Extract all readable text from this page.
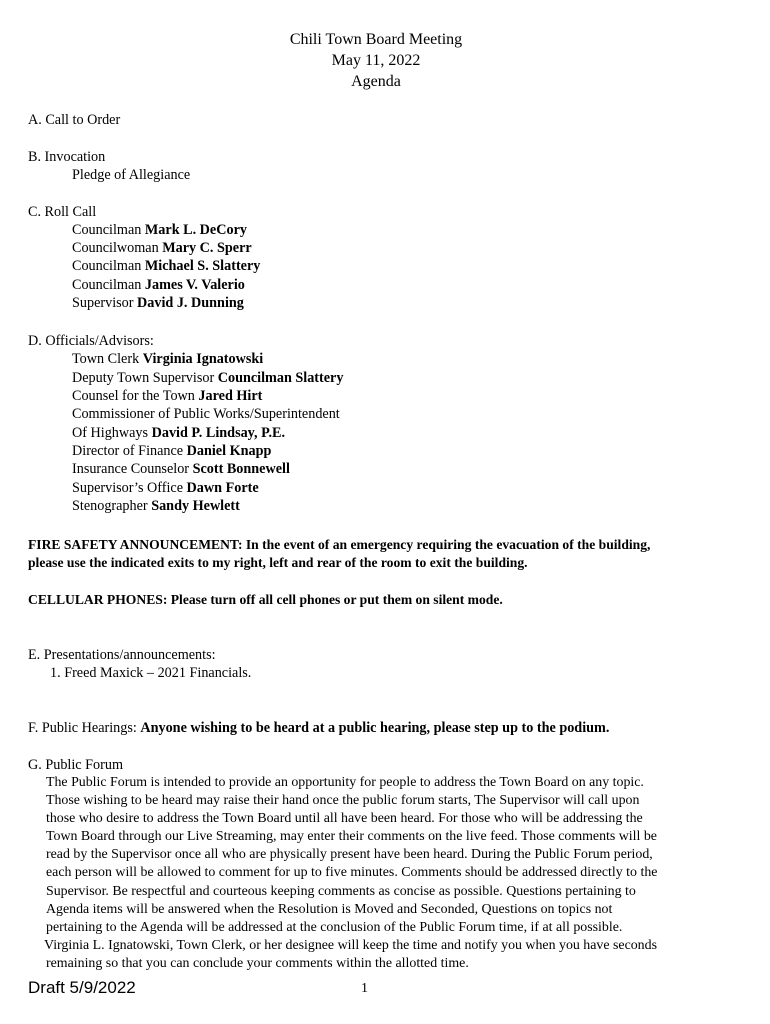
Chili Town Board Meeting
May 11, 2022
Agenda
A. Call to Order
B. Invocation
Pledge of Allegiance
C. Roll Call
Councilman Mark L. DeCory
Councilwoman Mary C. Sperr
Councilman Michael S. Slattery
Councilman James V. Valerio
Supervisor David J. Dunning
D. Officials/Advisors:
Town Clerk Virginia Ignatowski
Deputy Town Supervisor Councilman Slattery
Counsel for the Town Jared Hirt
Commissioner of Public Works/Superintendent
Of Highways David P. Lindsay, P.E.
Director of Finance Daniel Knapp
Insurance Counselor Scott Bonnewell
Supervisor’s Office Dawn Forte
Stenographer Sandy Hewlett
FIRE SAFETY ANNOUNCEMENT: In the event of an emergency requiring the evacuation of the building,
please use the indicated exits to my right, left and rear of the room to exit the building.
CELLULAR PHONES: Please turn off all cell phones or put them on silent mode.
E. Presentations/announcements:
1. Freed Maxick – 2021 Financials.
F. Public Hearings: Anyone wishing to be heard at a public hearing, please step up to the podium.
G. Public Forum
The Public Forum is intended to provide an opportunity for people to address the Town Board on any topic.
Those wishing to be heard may raise their hand once the public forum starts, The Supervisor will call upon
those who desire to address the Town Board until all have been heard. For those who will be addressing the
Town Board through our Live Streaming, may enter their comments on the live feed. Those comments will be
read by the Supervisor once all who are physically present have been heard. During the Public Forum period,
each person will be allowed to comment for up to five minutes. Comments should be addressed directly to the
Supervisor. Be respectful and courteous keeping comments as concise as possible. Questions pertaining to
Agenda items will be answered when the Resolution is Moved and Seconded, Questions on topics not
pertaining to the Agenda will be addressed at the conclusion of the Public Forum time, if at all possible.
Virginia L. Ignatowski, Town Clerk, or her designee will keep the time and notify you when you have seconds
remaining so that you can conclude your comments within the allotted time.
Draft 5/9/2022	1
